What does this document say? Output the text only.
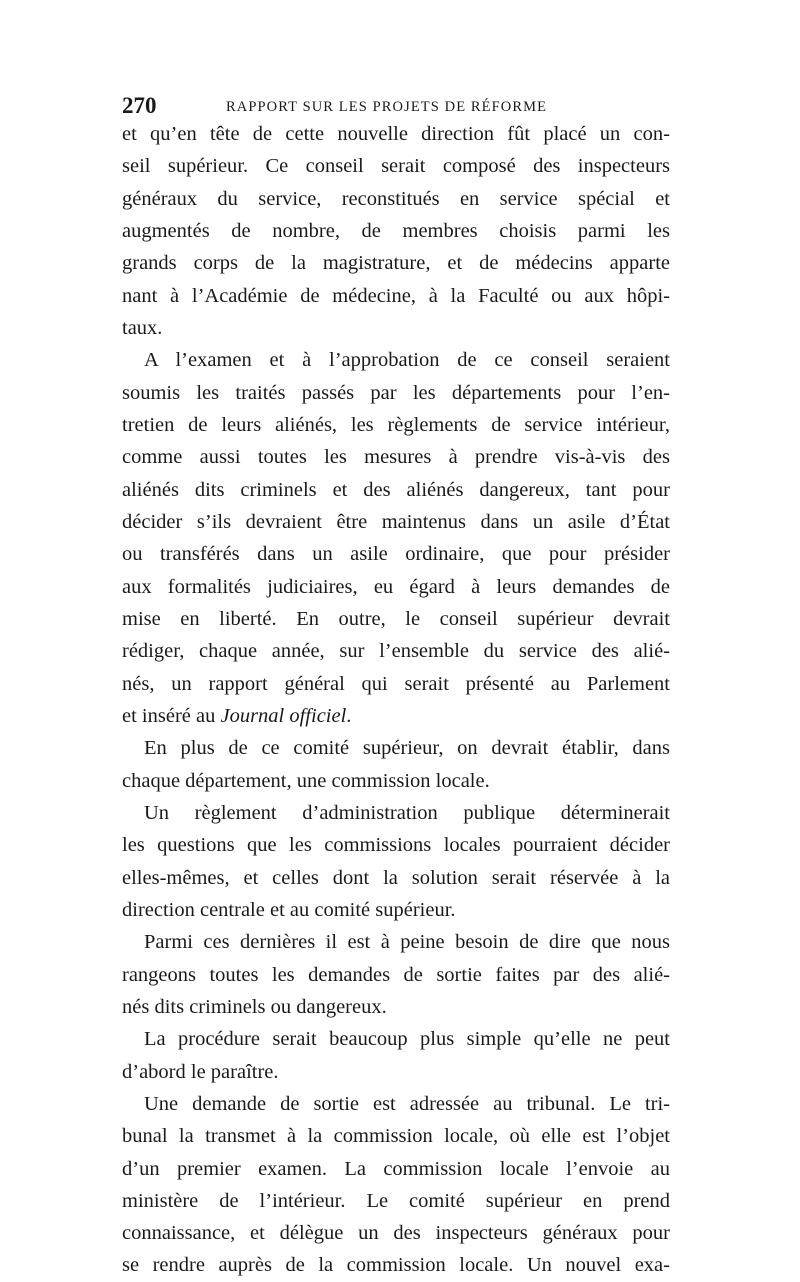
270	RAPPORT SUR LES PROJETS DE RÉFORME
et qu’en tête de cette nouvelle direction fût placé un con-
seil supérieur. Ce conseil serait composé des inspecteurs
généraux du service, reconstitués en service spécial et
augmentés de nombre, de membres choisis parmi les
grands corps de la magistrature, et de médecins apparte
nant à l’Académie de médecine, à la Faculté ou aux hôpi-
taux.
A l’examen et à l’approbation de ce conseil seraient
soumis les traités passés par les départements pour l’en-
tretien de leurs aliénés, les règlements de service intérieur,
comme aussi toutes les mesures à prendre vis-à-vis des
aliénés dits criminels et des aliénés dangereux, tant pour
décider s’ils devraient être maintenus dans un asile d’État
ou transférés dans un asile ordinaire, que pour présider
aux formalités judiciaires, eu égard à leurs demandes de
mise en liberté. En outre, le conseil supérieur devrait
rédiger, chaque année, sur l’ensemble du service des alié-
nés, un rapport général qui serait présenté au Parlement
et inséré au Journal officiel.
En plus de ce comité supérieur, on devrait établir, dans
chaque département, une commission locale.
Un règlement d’administration publique déterminerait
les questions que les commissions locales pourraient décider
elles-mêmes, et celles dont la solution serait réservée à la
direction centrale et au comité supérieur.
Parmi ces dernières il est à peine besoin de dire que nous
rangeons toutes les demandes de sortie faites par des alié-
nés dits criminels ou dangereux.
La procédure serait beaucoup plus simple qu’elle ne peut
d’abord le paraître.
Une demande de sortie est adressée au tribunal. Le tri-
bunal la transmet à la commission locale, où elle est l’objet
d’un premier examen. La commission locale l’envoie au
ministère de l’intérieur. Le comité supérieur en prend
connaissance, et délègue un des inspecteurs généraux pour
se rendre auprès de la commission locale. Un nouvel exa-
